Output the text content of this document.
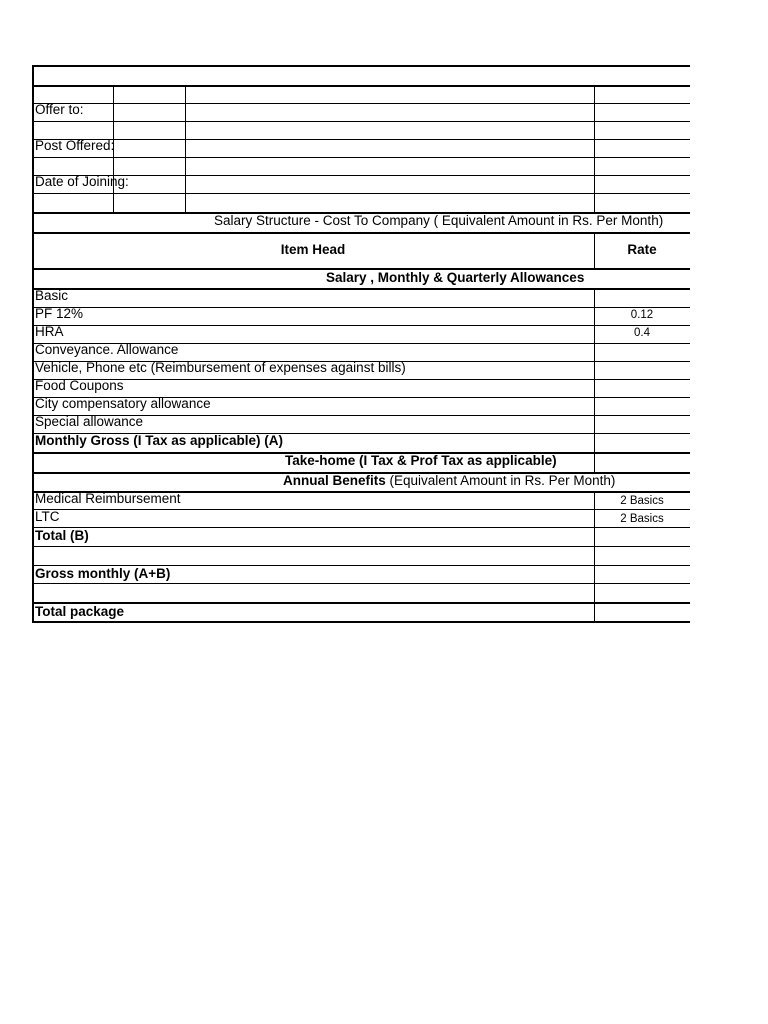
Offer to:
Post Offered:
Date of Joining:
Salary Structure - Cost To Company ( Equivalent Amount in Rs. Per Month)
Item Head	Rate
Salary , Monthly & Quarterly Allowances
Basic
PF 12%	0.12
HRA	0.4
Conveyance. Allowance
Vehicle, Phone etc (Reimbursement of expenses against bills)
Food Coupons
City compensatory allowance
Special allowance
Monthly Gross (I Tax as applicable) (A)
Take-home (I Tax & Prof Tax as applicable)
Annual Benefits (Equivalent Amount in Rs. Per Month)
Medical Reimbursement	2 Basics
LTC	2 Basics
Total (B)
Gross monthly (A+B)
Total package
